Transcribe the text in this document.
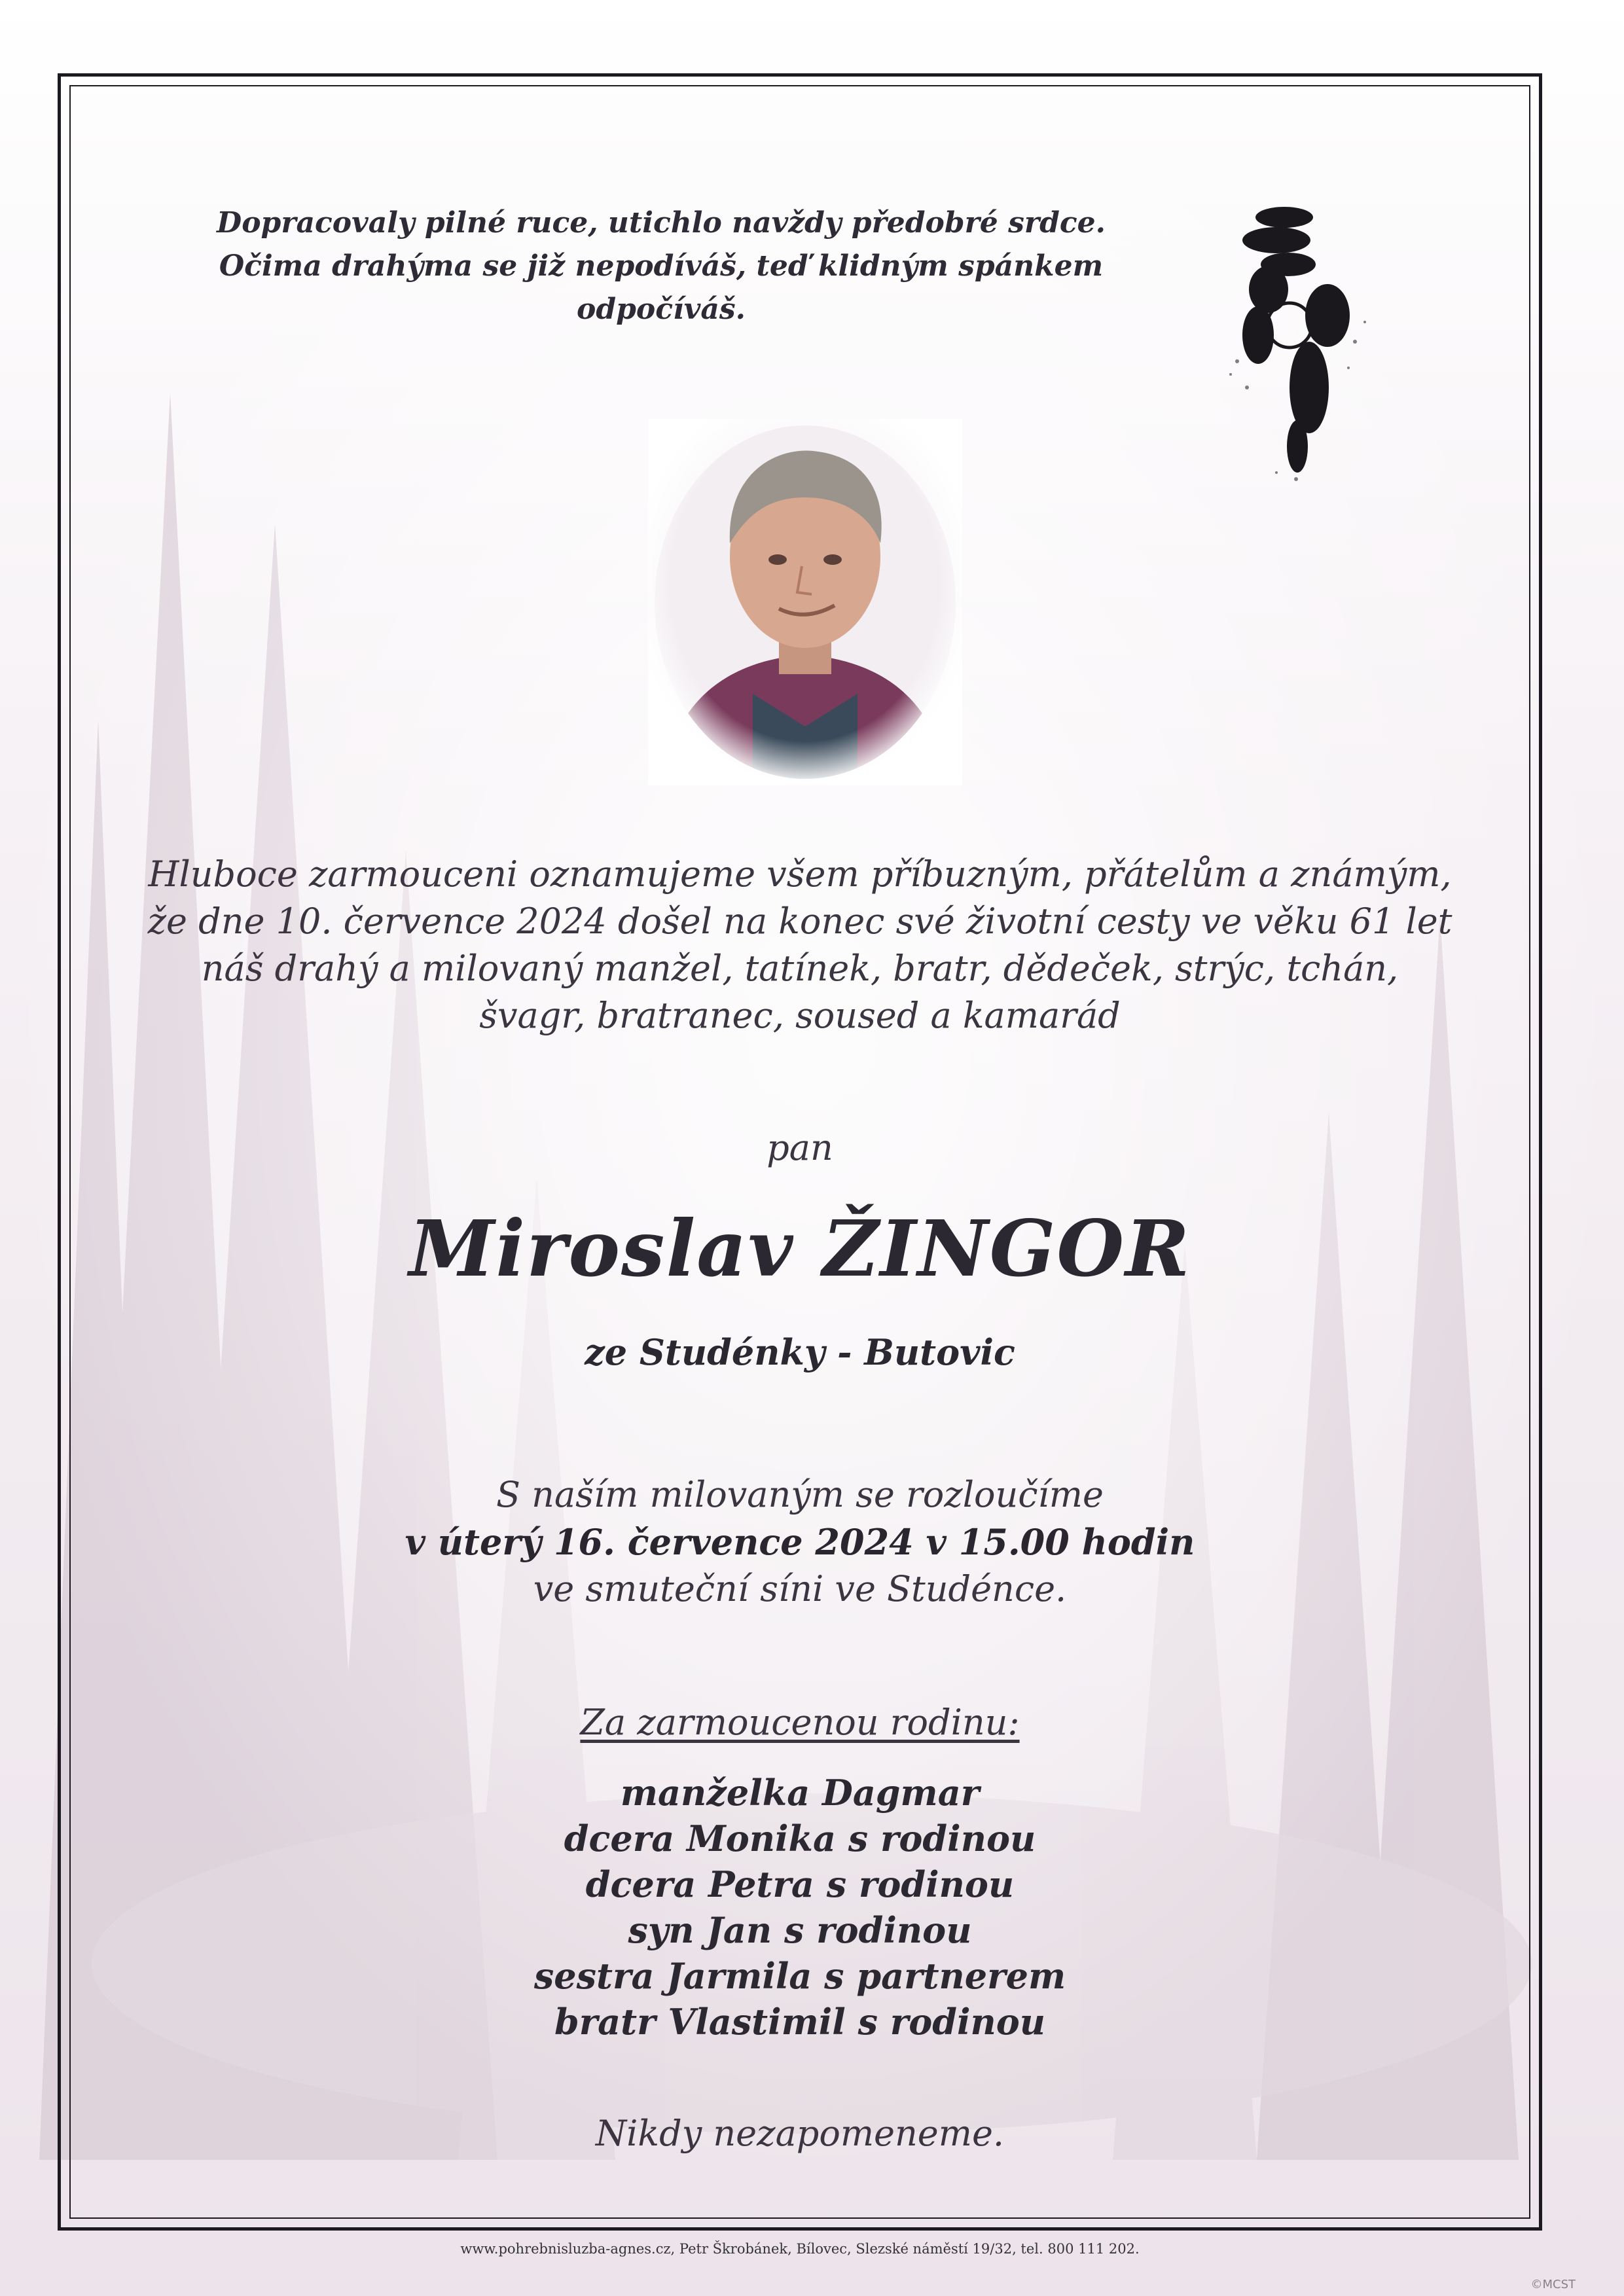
Dopracovaly pilné ruce, utichlo navždy předobré srdce.
Očima drahýma se již nepodíváš, teď klidným spánkem odpočíváš.
Hluboce zarmouceni oznamujeme všem příbuzným, přátelům a známým,
že dne 10. července 2024 došel na konec své životní cesty ve věku 61 let
náš drahý a milovaný manžel, tatínek, bratr, dědeček, strýc, tchán,
švagr, bratranec, soused a kamarád
pan
Miroslav ŽINGOR
ze Studénky - Butovic
S naším milovaným se rozloučíme
v úterý 16. července 2024 v 15.00 hodin
ve smuteční síni ve Studénce.
Za zarmoucenou rodinu:
manželka Dagmar
dcera Monika s rodinou
dcera Petra s rodinou
syn Jan s rodinou
sestra Jarmila s partnerem
bratr Vlastimil s rodinou
Nikdy nezapomeneme.
www.pohrebnisluzba-agnes.cz, Petr Škrobánek, Bílovec, Slezské náměstí 19/32, tel. 800 111 202.
©MCST
